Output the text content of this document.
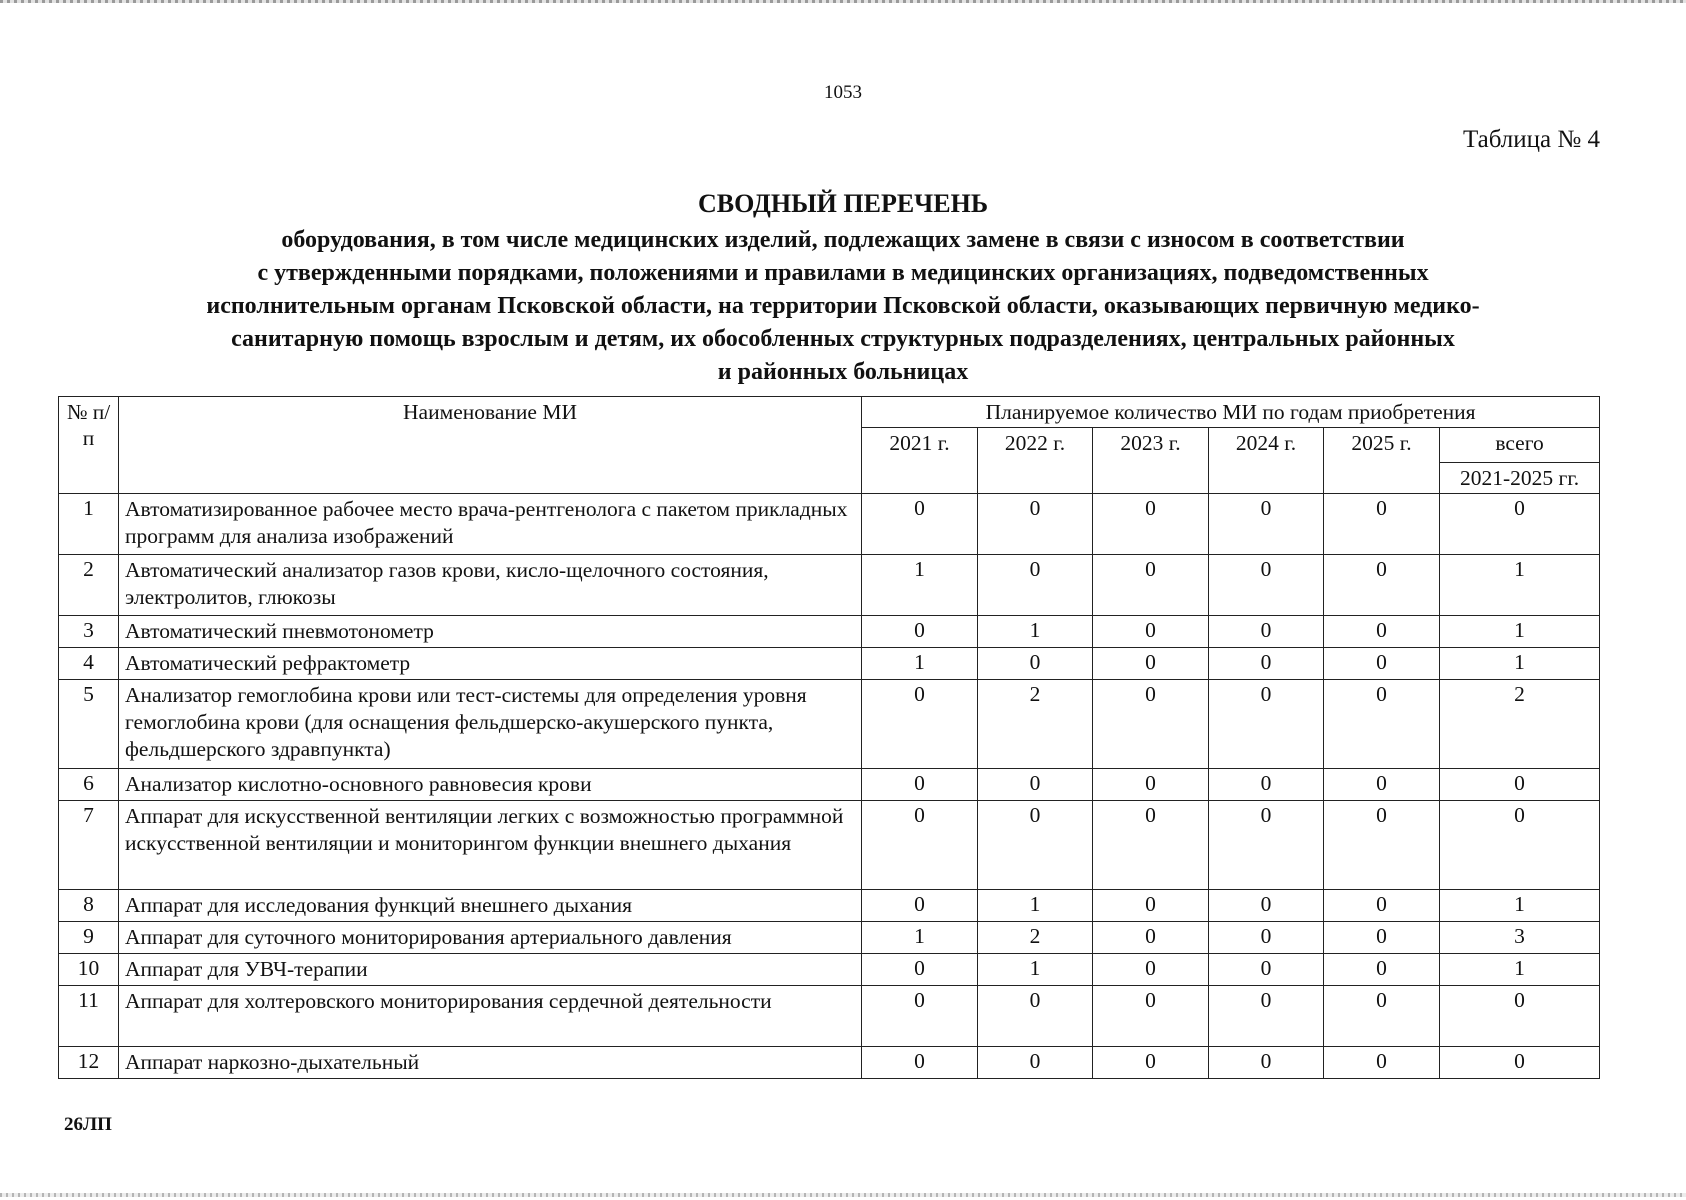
1053
Таблица № 4
СВОДНЫЙ ПЕРЕЧЕНЬ
оборудования, в том числе медицинских изделий, подлежащих замене в связи с износом в соответствии
с утвержденными порядками, положениями и правилами в медицинских организациях, подведомственных
исполнительным органам Псковской области, на территории Псковской области, оказывающих первичную медико-
санитарную помощь взрослым и детям, их обособленных структурных подразделениях, центральных районных
и районных больницах
№ п/п	Наименование МИ	Планируемое количество МИ по годам приобретения					
		2021 г.	2022 г.	2023 г.	2024 г.	2025 г.	всего
							2021-2025 гг.
1	Автоматизированное рабочее место врача-рентгенолога с пакетом прикладных программ для анализа изображений	0	0	0	0	0	0
2	Автоматический анализатор газов крови, кисло-щелочного состояния, электролитов, глюкозы	1	0	0	0	0	1
3	Автоматический пневмотонометр	0	1	0	0	0	1
4	Автоматический рефрактометр	1	0	0	0	0	1
5	Анализатор гемоглобина крови или тест-системы для определения уровня гемоглобина крови (для оснащения фельдшерско-акушерского пункта, фельдшерского здравпункта)	0	2	0	0	0	2
6	Анализатор кислотно-основного равновесия крови	0	0	0	0	0	0
7	Аппарат для искусственной вентиляции легких с возможностью программной искусственной вентиляции и мониторингом функции внешнего дыхания	0	0	0	0	0	0
8	Аппарат для исследования функций внешнего дыхания	0	1	0	0	0	1
9	Аппарат для суточного мониторирования артериального давления	1	2	0	0	0	3
10	Аппарат для УВЧ-терапии	0	1	0	0	0	1
11	Аппарат для холтеровского мониторирования сердечной деятельности	0	0	0	0	0	0
12	Аппарат наркозно-дыхательный	0	0	0	0	0	0
26ЛП
